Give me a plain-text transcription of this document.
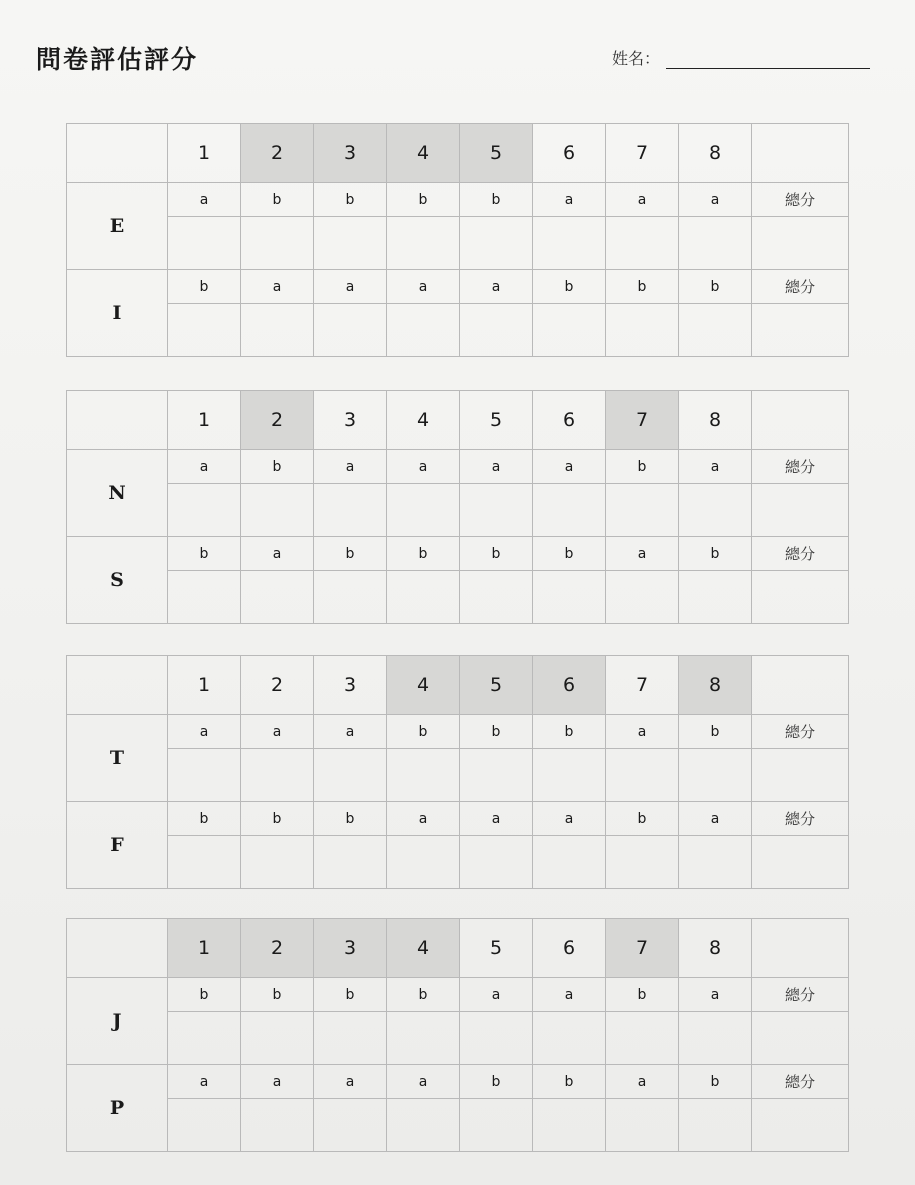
問卷評估評分	姓名：
	1	2	3	4	5	6	7	8	
E	a	b	b	b	b	a	a	a	總分

I	b	a	a	a	a	b	b	b	總分

	1	2	3	4	5	6	7	8	
N	a	b	a	a	a	a	b	a	總分

S	b	a	b	b	b	b	a	b	總分

	1	2	3	4	5	6	7	8	
T	a	a	a	b	b	b	a	b	總分

F	b	b	b	a	a	a	b	a	總分

	1	2	3	4	5	6	7	8	
J	b	b	b	b	a	a	b	a	總分

P	a	a	a	a	b	b	a	b	總分
